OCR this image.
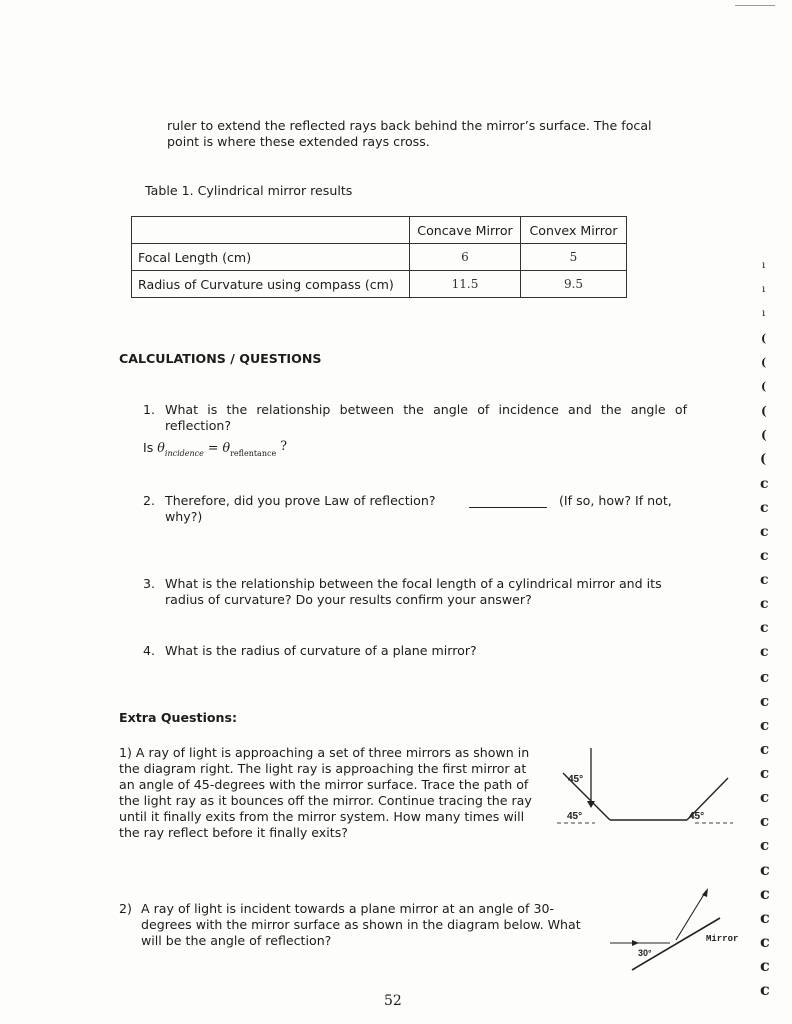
ruler to extend the reflected rays back behind the mirror’s surface. The focal
point is where these extended rays cross.
Table 1. Cylindrical mirror results
	Concave Mirror	Convex Mirror
Focal Length (cm)	6	5
Radius of Curvature using compass (cm)	11.5	9.5
CALCULATIONS / QUESTIONS
1. What is the relationship between the angle of incidence and the angle of
reflection?
Is $\theta_{incidence} = \theta_{reflentance}$ ?
2. Therefore, did you prove Law of reflection?	(If so, how? If not,
why?)
3. What is the relationship between the focal length of a cylindrical mirror and its
radius of curvature? Do your results confirm your answer?
4. What is the radius of curvature of a plane mirror?
Extra Questions:
1) A ray of light is approaching a set of three mirrors as shown in
the diagram right. The light ray is approaching the first mirror at
an angle of 45-degrees with the mirror surface. Trace the path of
the light ray as it bounces off the mirror. Continue tracing the ray
until it finally exits from the mirror system. How many times will
the ray reflect before it finally exits?
45°
45°	45°
2) A ray of light is incident towards a plane mirror at an angle of 30-
degrees with the mirror surface as shown in the diagram below. What
will be the angle of reflection?
30°
Mirror
52
ı
ı
ı
(
(
(
(
(
(
c
c
c
c
c
c
c
c
c
c
c
c
c
c
c
c
c
c
c
c
c
c
